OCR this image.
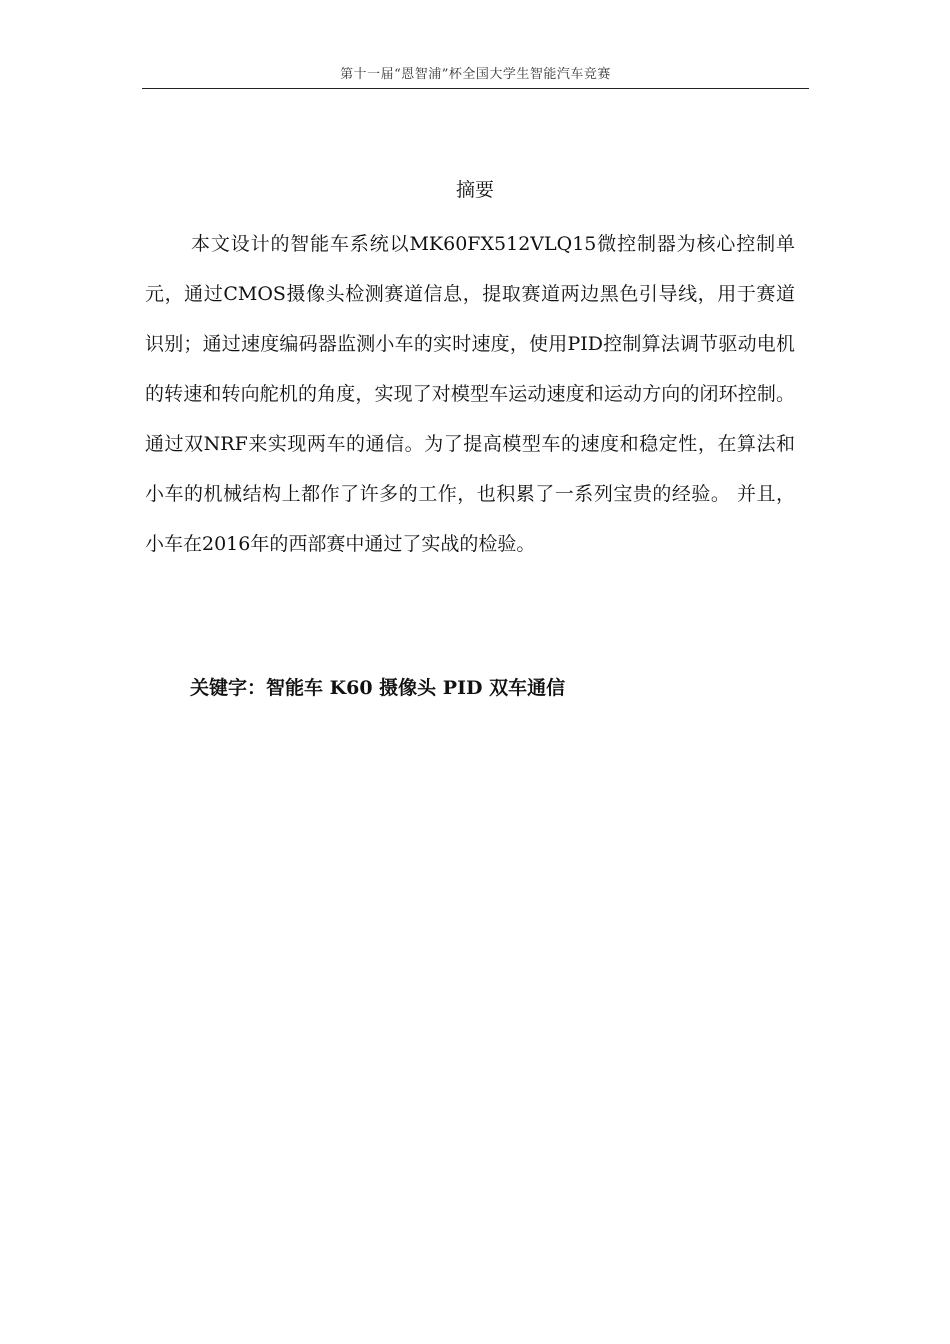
第十一届“恩智浦”杯全国大学生智能汽车竞赛
摘要

本文设计的智能车系统以MK60FX512VLQ15微控制器为核心控制单元，通过CMOS摄像头检测赛道信息，提取赛道两边黑色引导线，用于赛道识别；通过速度编码器监测小车的实时速度，使用PID控制算法调节驱动电机的转速和转向舵机的角度，实现了对模型车运动速度和运动方向的闭环控制。通过双NRF来实现两车的通信。为了提高模型车的速度和稳定性，在算法和小车的机械结构上都作了许多的工作，也积累了一系列宝贵的经验。 并且，小车在2016年的西部赛中通过了实战的检验。

关键字：智能车 K60 摄像头 PID 双车通信
